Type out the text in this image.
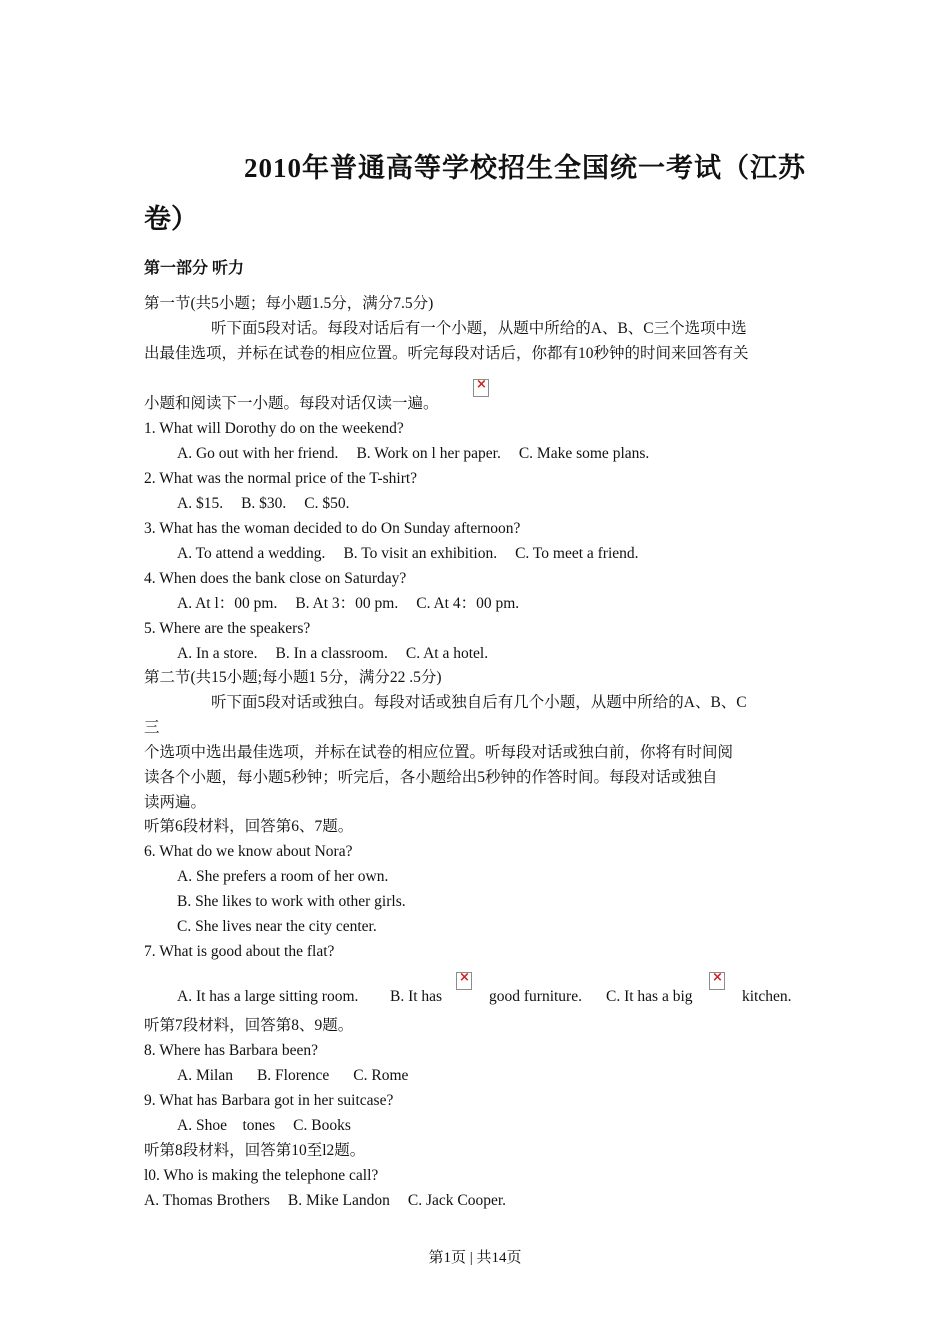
2010年普通高等学校招生全国统一考试（江苏
卷）
第一部分 听力
第一节(共5小题；每小题1.5分，满分7.5分)
听下面5段对话。每段对话后有一个小题，从题中所给的A、B、C三个选项中选
出最佳选项，并标在试卷的相应位置。听完每段对话后，你都有10秒钟的时间来回答有关
小题和阅读下一小题。每段对话仅读一遍。
×
1. What will Dorothy do on the weekend?
A. Go out with her friend. B. Work on l her paper. C. Make some plans.
2. What was the normal price of the T-shirt?
A. $15. B. $30. C. $50.
3. What has the woman decided to do On Sunday afternoon?
A. To attend a wedding. B. To visit an exhibition. C. To meet a friend.
4. When does the bank close on Saturday?
A. At l：00 pm. B. At 3：00 pm. C. At 4：00 pm.
5. Where are the speakers?
A. In a store. B. In a classroom. C. At a hotel.
第二节(共15小题;每小题1 5分，满分22 .5分)
听下面5段对话或独白。每段对话或独自后有几个小题，从题中所给的A、B、C
三
个选项中选出最佳选项，并标在试卷的相应位置。听每段对话或独白前，你将有时间阅
读各个小题，每小题5秒钟；听完后，各小题给出5秒钟的作答时间。每段对话或独自
读两遍。
听第6段材料，回答第6、7题。
6. What do we know about Nora?
A. She prefers a room of her own.
B. She likes to work with other girls.
C. She lives near the city center.
7. What is good about the flat?
A. It has a large sitting room. B. It has
×	good furniture. C. It has a big
×	kitchen.
听第7段材料，回答第8、9题。
8. Where has Barbara been?
A. Milan B. Florence C. Rome
9. What has Barbara got in her suitcase?
A. Shoe    tones C. Books
听第8段材料，回答第10至l2题。
l0. Who is making the telephone call?
A. Thomas Brothers B. Mike Landon C. Jack Cooper.
第1页 | 共14页
